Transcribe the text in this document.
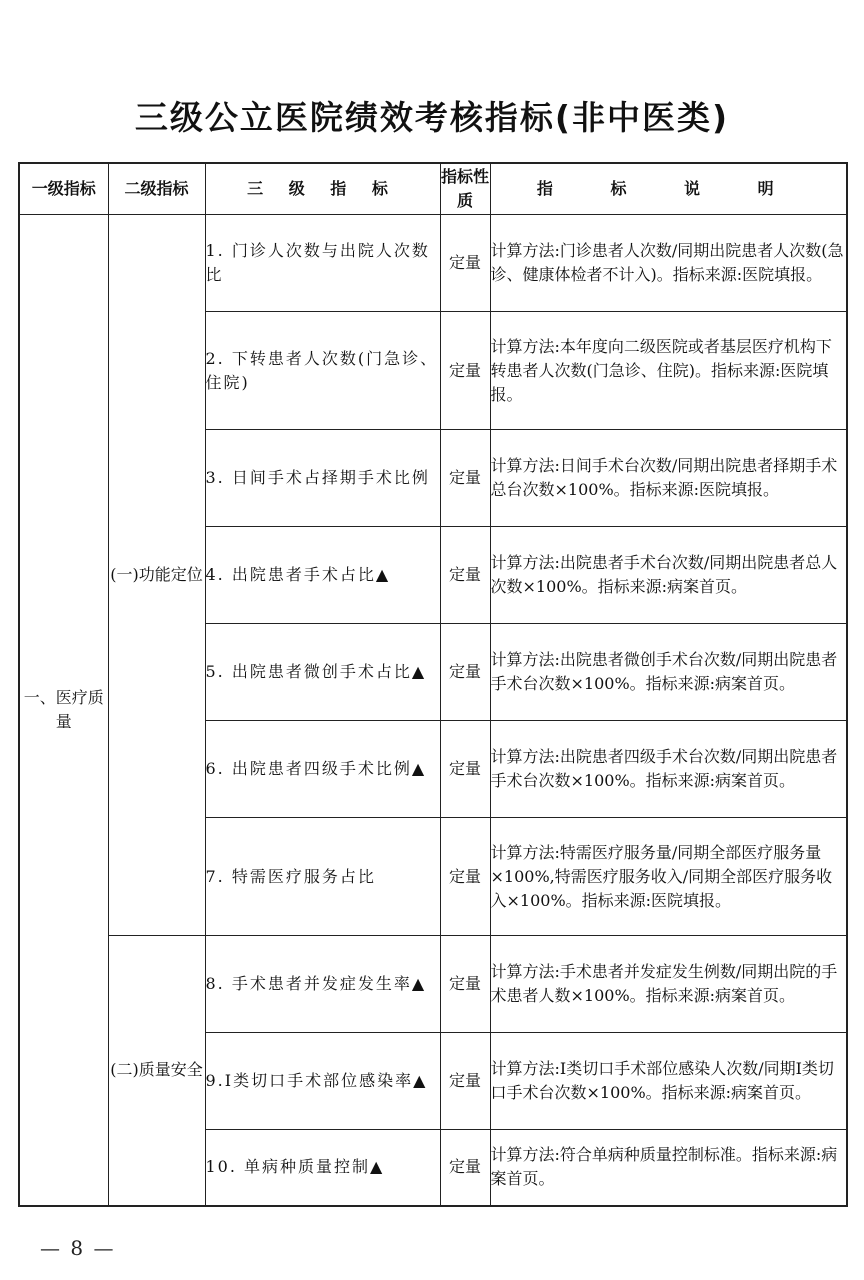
三级公立医院绩效考核指标(非中医类)
一级指标	二级指标	三 级 指 标	指标性质	指 标 说 明
一、医疗质量	(一)功能定位	1. 门诊人次数与出院人次数比	定量	计算方法:门诊患者人次数/同期出院患者人次数(急诊、健康体检者不计入)。指标来源:医院填报。
		2. 下转患者人次数(门急诊、住院)	定量	计算方法:本年度向二级医院或者基层医疗机构下转患者人次数(门急诊、住院)。指标来源:医院填报。
		3. 日间手术占择期手术比例	定量	计算方法:日间手术台次数/同期出院患者择期手术总台次数×100%。指标来源:医院填报。
		4. 出院患者手术占比▲	定量	计算方法:出院患者手术台次数/同期出院患者总人次数×100%。指标来源:病案首页。
		5. 出院患者微创手术占比▲	定量	计算方法:出院患者微创手术台次数/同期出院患者手术台次数×100%。指标来源:病案首页。
		6. 出院患者四级手术比例▲	定量	计算方法:出院患者四级手术台次数/同期出院患者手术台次数×100%。指标来源:病案首页。
		7. 特需医疗服务占比	定量	计算方法:特需医疗服务量/同期全部医疗服务量×100%,特需医疗服务收入/同期全部医疗服务收入×100%。指标来源:医院填报。
	(二)质量安全	8. 手术患者并发症发生率▲	定量	计算方法:手术患者并发症发生例数/同期出院的手术患者人数×100%。指标来源:病案首页。
		9.Ⅰ类切口手术部位感染率▲	定量	计算方法:Ⅰ类切口手术部位感染人次数/同期Ⅰ类切口手术台次数×100%。指标来源:病案首页。
		10. 单病种质量控制▲	定量	计算方法:符合单病种质量控制标准。指标来源:病案首页。
— 8 —
